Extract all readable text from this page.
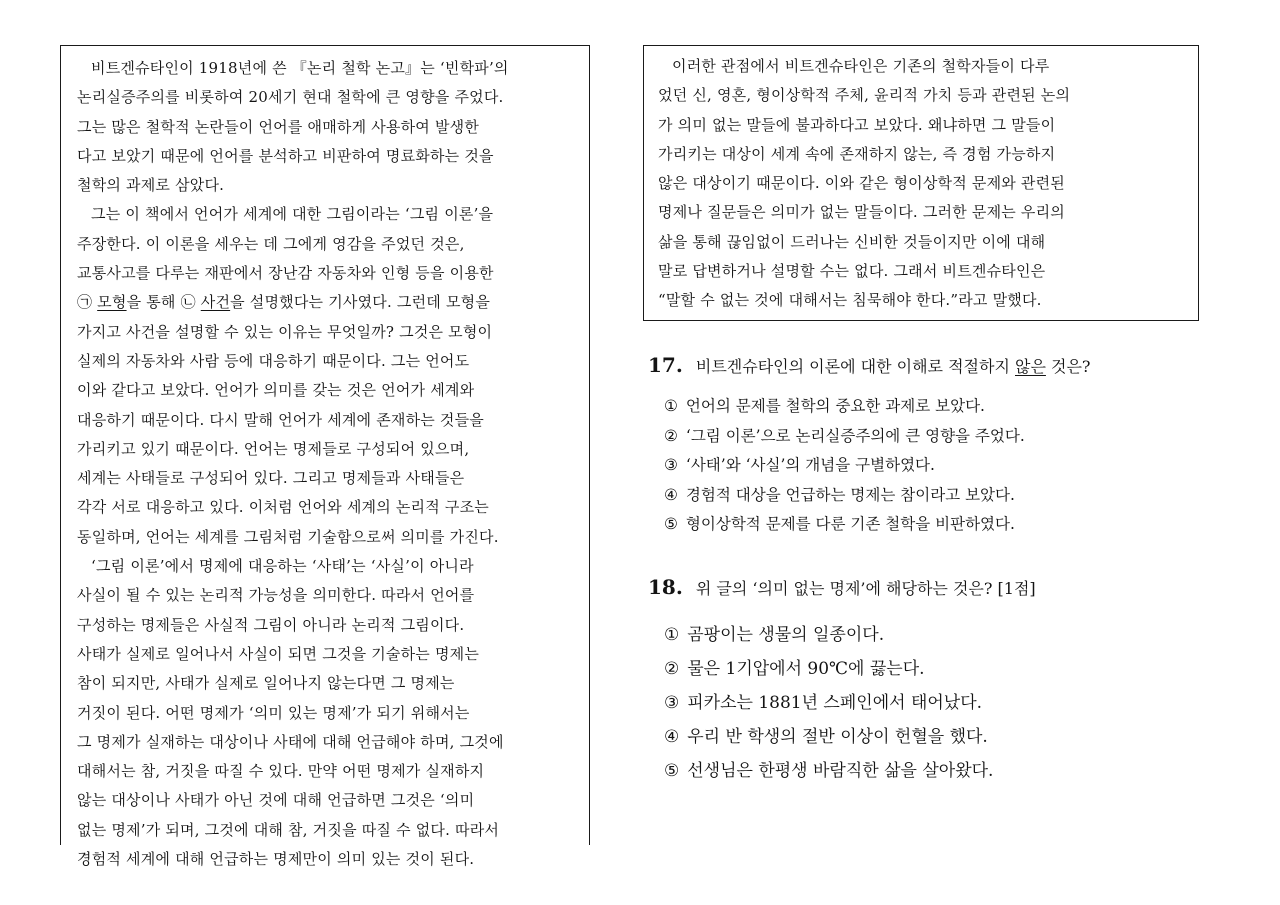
비트겐슈타인이 1918년에 쓴 『논리 철학 논고』는 ‘빈학파’의
논리실증주의를 비롯하여 20세기 현대 철학에 큰 영향을 주었다.
그는 많은 철학적 논란들이 언어를 애매하게 사용하여 발생한
다고 보았기 때문에 언어를 분석하고 비판하여 명료화하는 것을
철학의 과제로 삼았다.
그는 이 책에서 언어가 세계에 대한 그림이라는 ‘그림 이론’을
주장한다. 이 이론을 세우는 데 그에게 영감을 주었던 것은,
교통사고를 다루는 재판에서 장난감 자동차와 인형 등을 이용한
㉠ 모형을 통해 ㉡ 사건을 설명했다는 기사였다. 그런데 모형을
가지고 사건을 설명할 수 있는 이유는 무엇일까? 그것은 모형이
실제의 자동차와 사람 등에 대응하기 때문이다. 그는 언어도
이와 같다고 보았다. 언어가 의미를 갖는 것은 언어가 세계와
대응하기 때문이다. 다시 말해 언어가 세계에 존재하는 것들을
가리키고 있기 때문이다. 언어는 명제들로 구성되어 있으며,
세계는 사태들로 구성되어 있다. 그리고 명제들과 사태들은
각각 서로 대응하고 있다. 이처럼 언어와 세계의 논리적 구조는
동일하며, 언어는 세계를 그림처럼 기술함으로써 의미를 가진다.
‘그림 이론’에서 명제에 대응하는 ‘사태’는 ‘사실’이 아니라
사실이 될 수 있는 논리적 가능성을 의미한다. 따라서 언어를
구성하는 명제들은 사실적 그림이 아니라 논리적 그림이다.
사태가 실제로 일어나서 사실이 되면 그것을 기술하는 명제는
참이 되지만, 사태가 실제로 일어나지 않는다면 그 명제는
거짓이 된다. 어떤 명제가 ‘의미 있는 명제’가 되기 위해서는
그 명제가 실재하는 대상이나 사태에 대해 언급해야 하며, 그것에
대해서는 참, 거짓을 따질 수 있다. 만약 어떤 명제가 실재하지
않는 대상이나 사태가 아닌 것에 대해 언급하면 그것은 ‘의미
없는 명제’가 되며, 그것에 대해 참, 거짓을 따질 수 없다. 따라서
경험적 세계에 대해 언급하는 명제만이 의미 있는 것이 된다.
이러한 관점에서 비트겐슈타인은 기존의 철학자들이 다루
었던 신, 영혼, 형이상학적 주체, 윤리적 가치 등과 관련된 논의
가 의미 없는 말들에 불과하다고 보았다. 왜냐하면 그 말들이
가리키는 대상이 세계 속에 존재하지 않는, 즉 경험 가능하지
않은 대상이기 때문이다. 이와 같은 형이상학적 문제와 관련된
명제나 질문들은 의미가 없는 말들이다. 그러한 문제는 우리의
삶을 통해 끊임없이 드러나는 신비한 것들이지만 이에 대해
말로 답변하거나 설명할 수는 없다. 그래서 비트겐슈타인은
“말할 수 없는 것에 대해서는 침묵해야 한다.”라고 말했다.
17. 비트겐슈타인의 이론에 대한 이해로 적절하지 않은 것은?
① 언어의 문제를 철학의 중요한 과제로 보았다.
② ‘그림 이론’으로 논리실증주의에 큰 영향을 주었다.
③ ‘사태’와 ‘사실’의 개념을 구별하였다.
④ 경험적 대상을 언급하는 명제는 참이라고 보았다.
⑤ 형이상학적 문제를 다룬 기존 철학을 비판하였다.
18. 위 글의 ‘의미 없는 명제’에 해당하는 것은? [1점]
① 곰팡이는 생물의 일종이다.
② 물은 1기압에서 90℃에 끓는다.
③ 피카소는 1881년 스페인에서 태어났다.
④ 우리 반 학생의 절반 이상이 헌혈을 했다.
⑤ 선생님은 한평생 바람직한 삶을 살아왔다.
